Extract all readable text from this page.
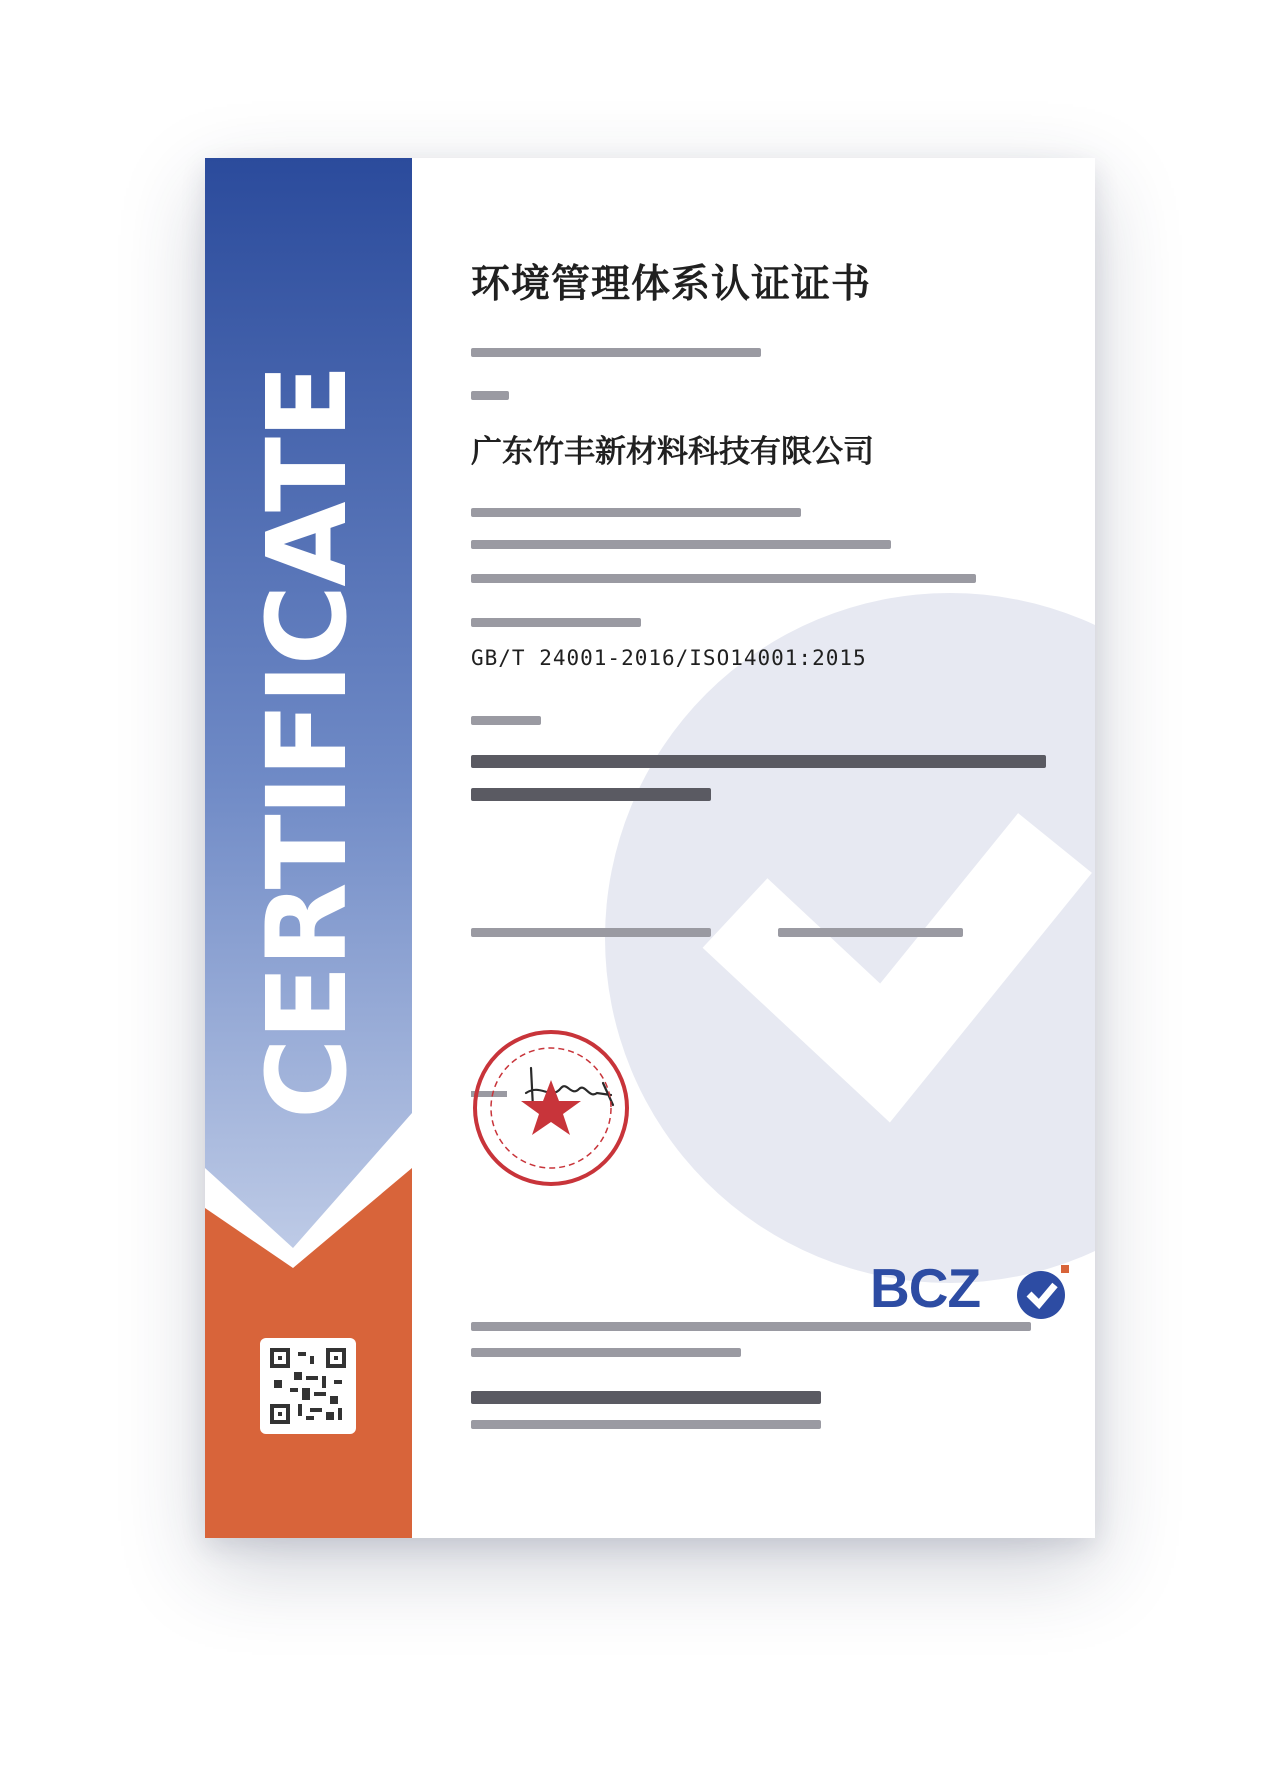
CERTIFICATE
环境管理体系认证证书
广东竹丰新材料科技有限公司
GB/T 24001-2016/ISO14001:2015
BCZ
